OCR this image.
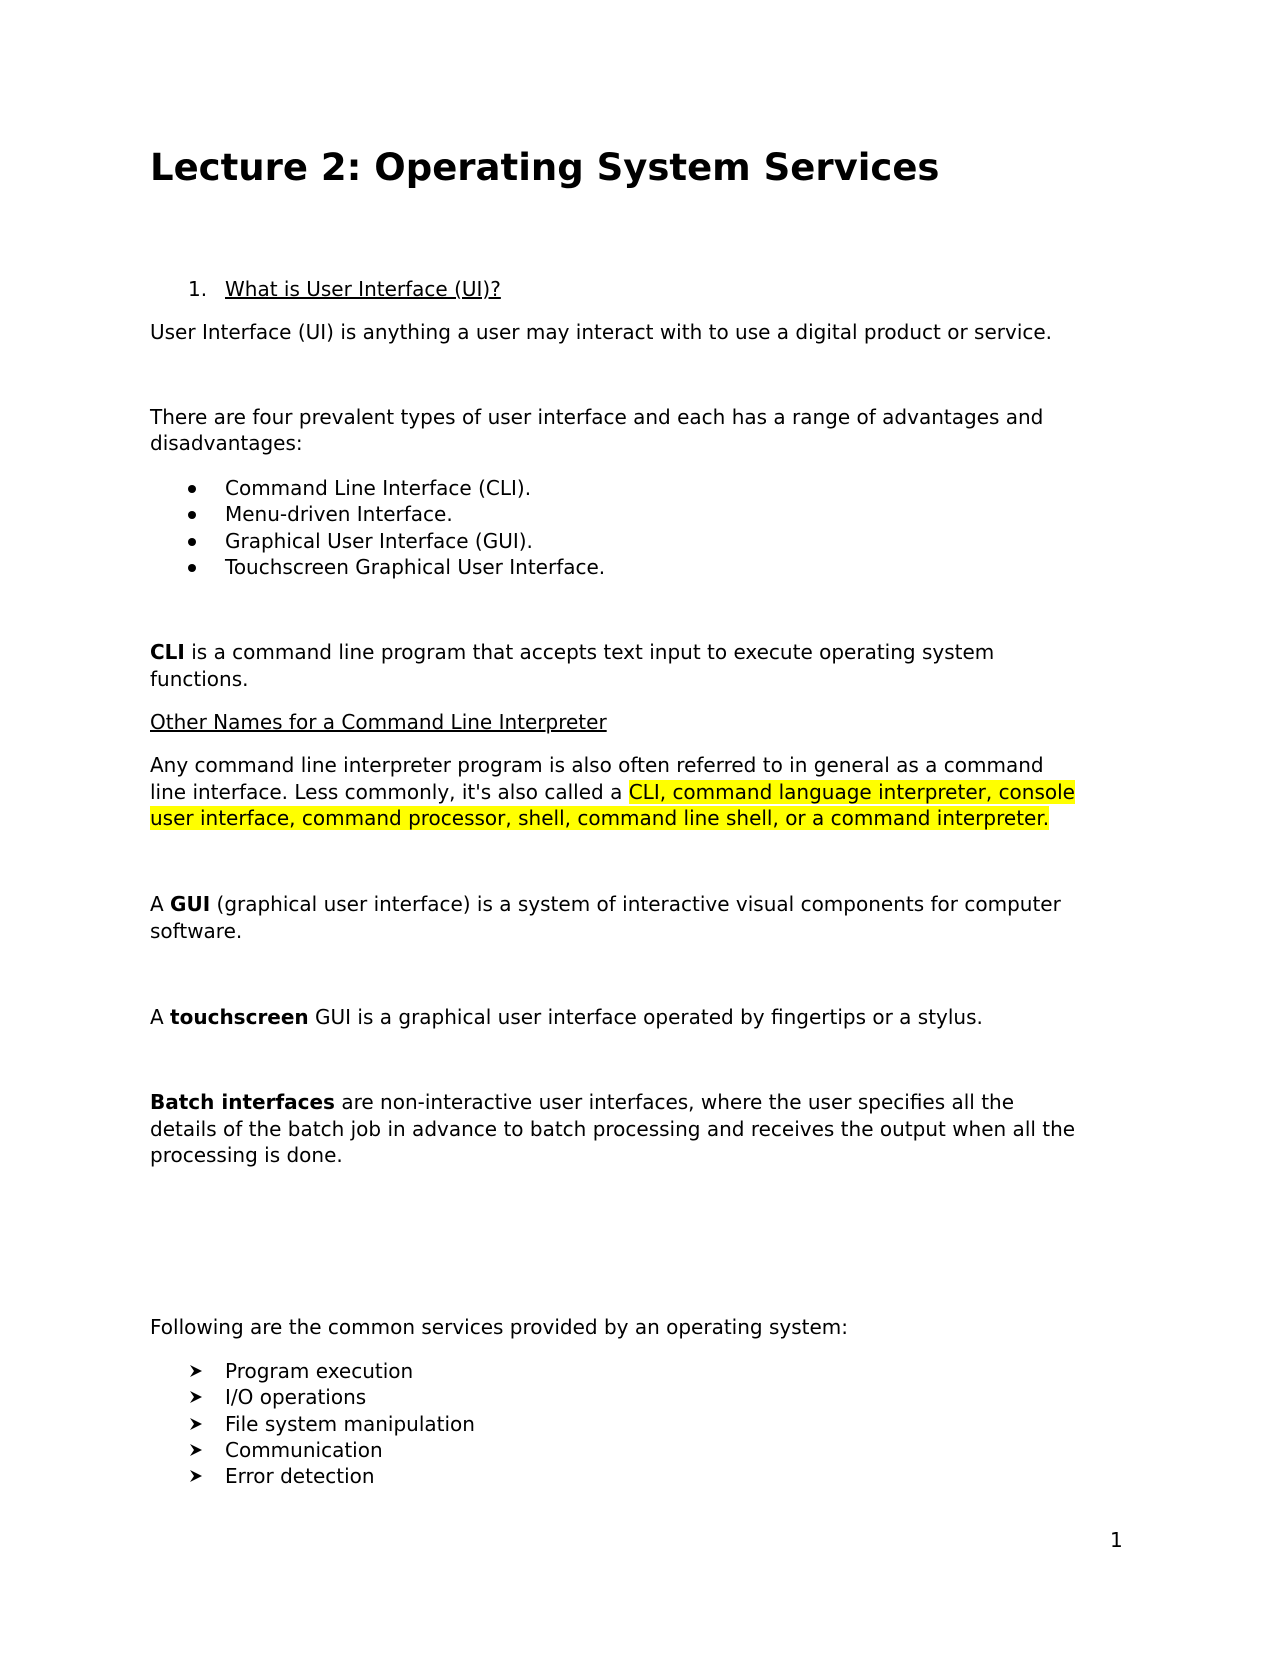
Lecture 2: Operating System Services
1. What is User Interface (UI)?

User Interface (UI) is anything a user may interact with to use a digital product or service.

There are four prevalent types of user interface and each has a range of advantages and

disadvantages:

Command Line Interface (CLI).
Menu-driven Interface.
Graphical User Interface (GUI).
Touchscreen Graphical User Interface.

CLI is a command line program that accepts text input to execute operating system

functions.

Other Names for a Command Line Interpreter

Any command line interpreter program is also often referred to in general as a command

line interface. Less commonly, it's also called a CLI, command language interpreter, console

user interface, command processor, shell, command line shell, or a command interpreter.

A GUI (graphical user interface) is a system of interactive visual components for computer

software.

A touchscreen GUI is a graphical user interface operated by fingertips or a stylus.

Batch interfaces are non-interactive user interfaces, where the user specifies all the

details of the batch job in advance to batch processing and receives the output when all the

processing is done.

Following are the common services provided by an operating system:

Program execution
I/O operations
File system manipulation
Communication
Error detection
1
